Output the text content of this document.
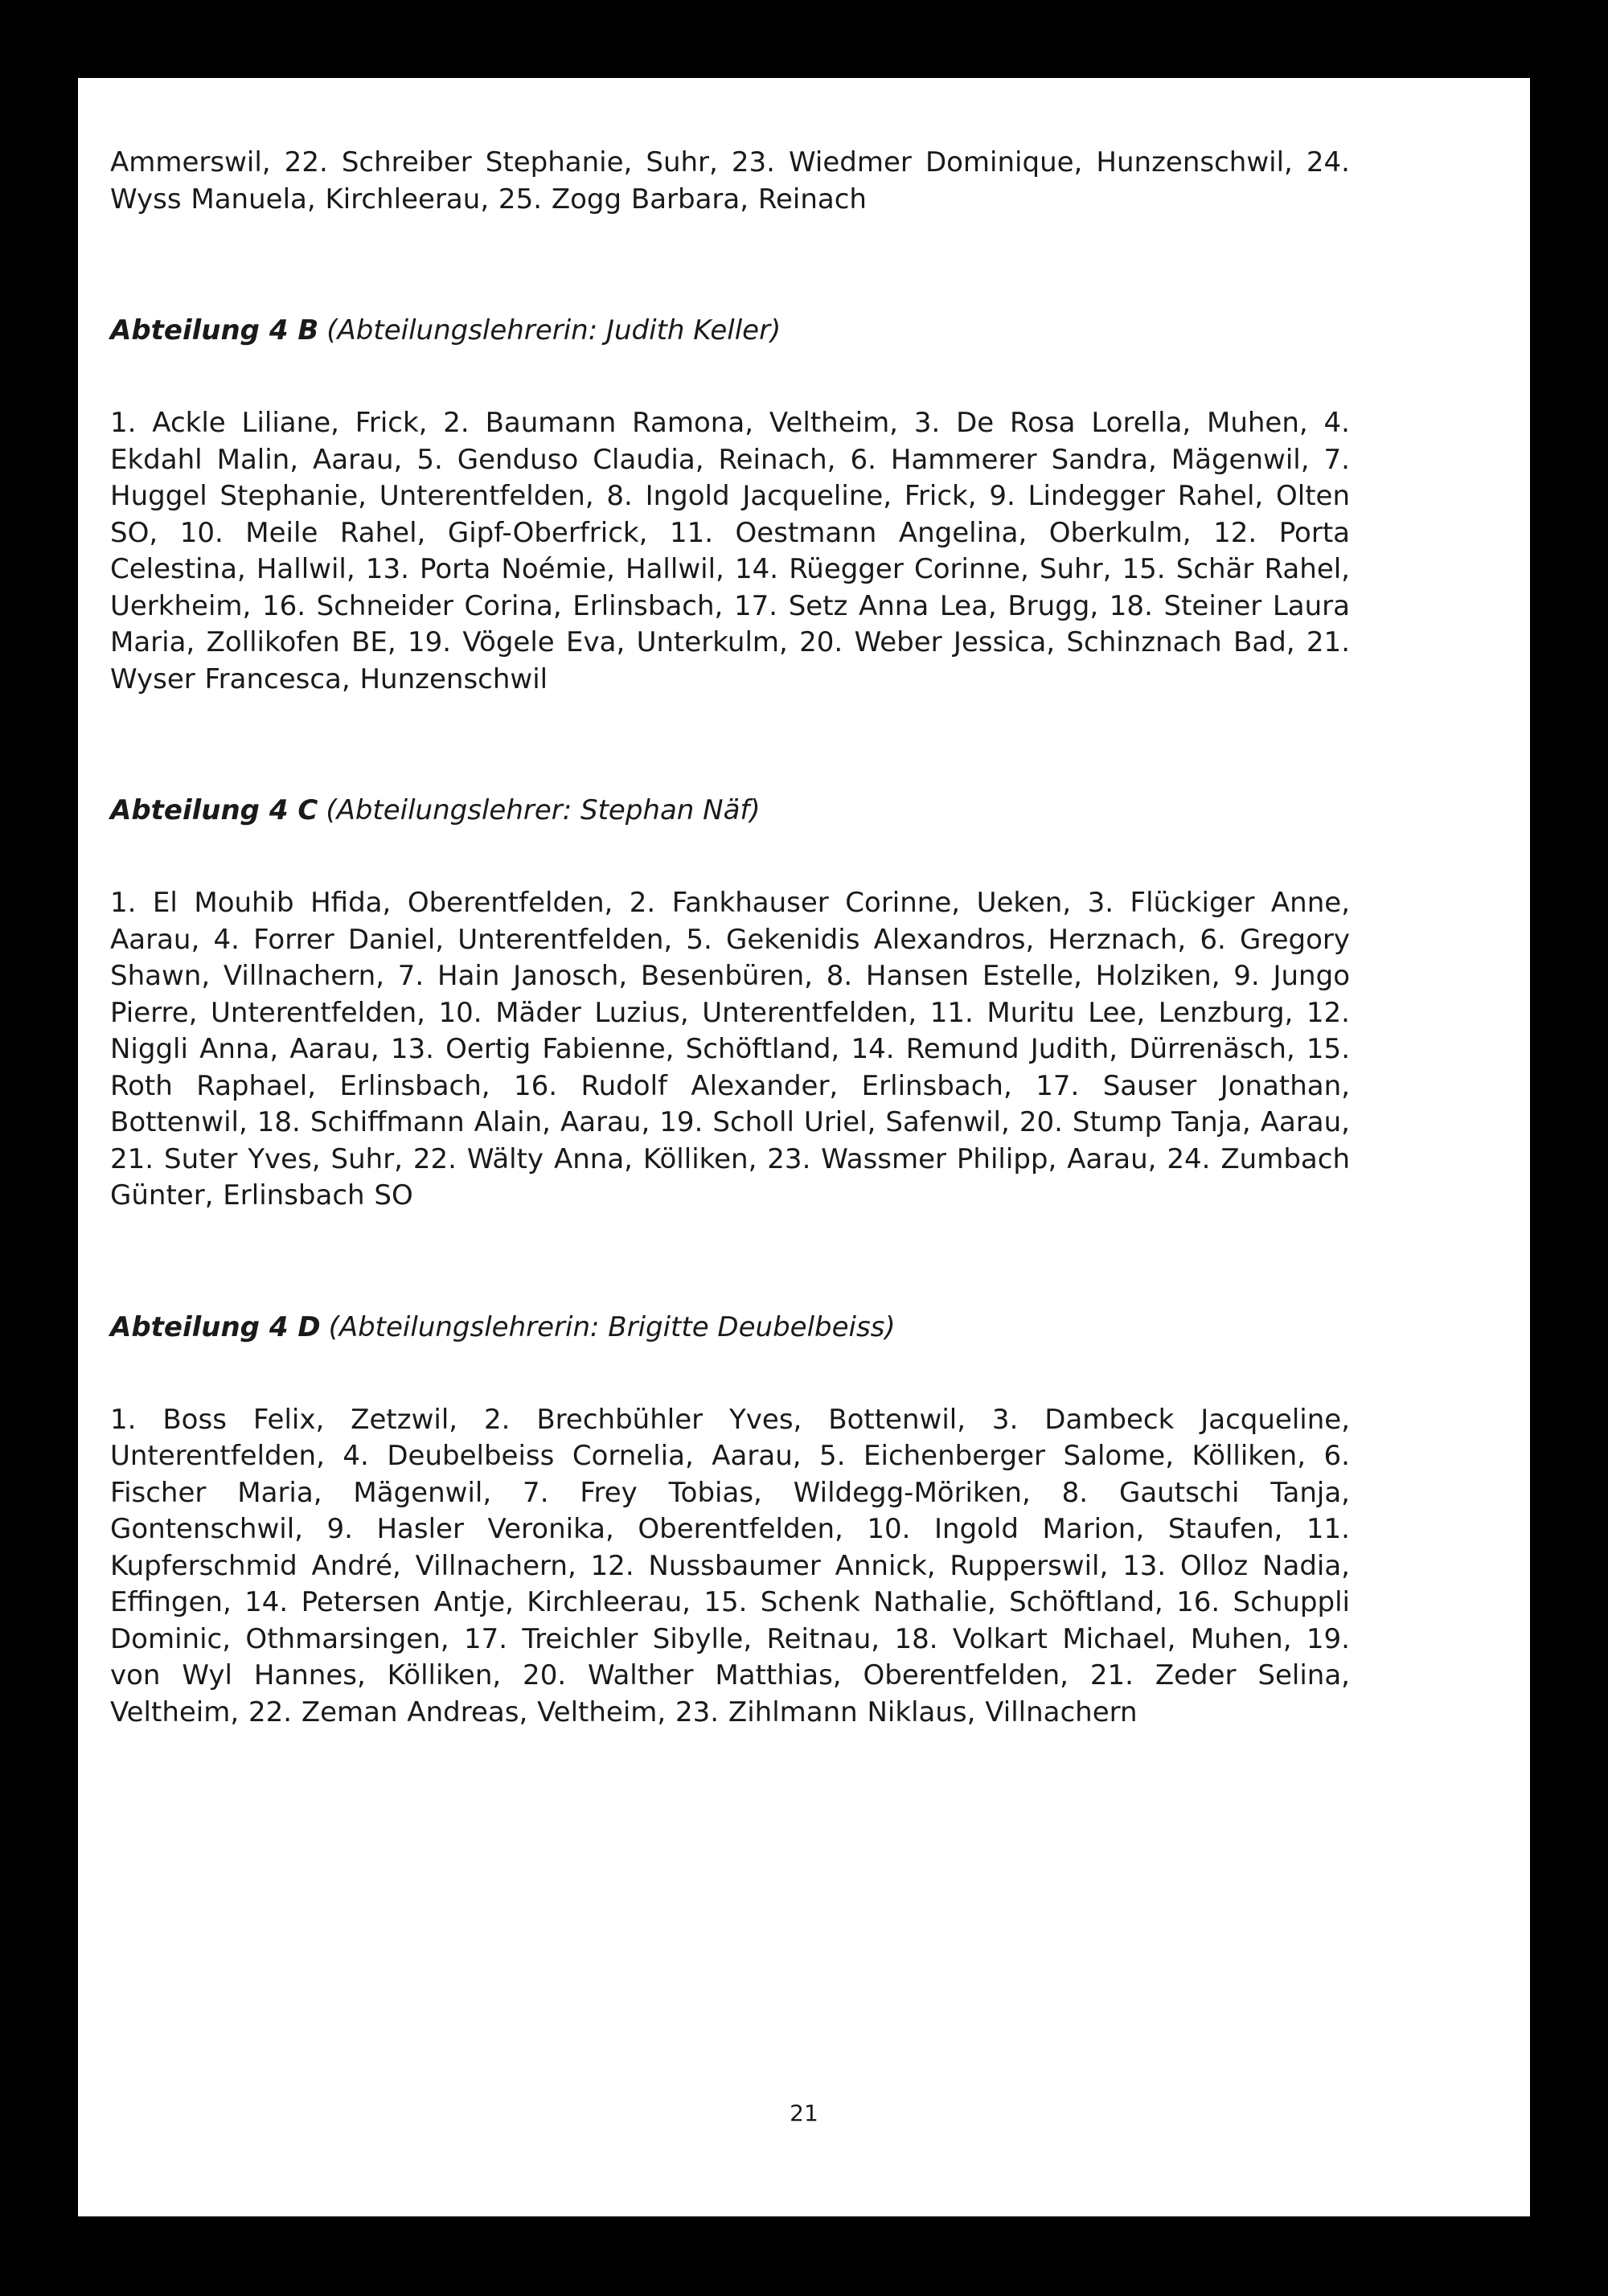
Ammerswil, 22. Schreiber Stephanie, Suhr, 23. Wiedmer Dominique, Hunzenschwil, 24. Wyss Manuela, Kirchleerau, 25. Zogg Barbara, Reinach

Abteilung 4 B (Abteilungslehrerin: Judith Keller)

1. Ackle Liliane, Frick, 2. Baumann Ramona, Veltheim, 3. De Rosa Lorella, Muhen, 4. Ekdahl Malin, Aarau, 5. Genduso Claudia, Reinach, 6. Hammerer Sandra, Mägenwil, 7. Huggel Stephanie, Unterentfelden, 8. Ingold Jacqueline, Frick, 9. Lindegger Rahel, Olten SO, 10. Meile Rahel, Gipf-Oberfrick, 11. Oestmann Angelina, Oberkulm, 12. Porta Celestina, Hallwil, 13. Porta Noémie, Hallwil, 14. Rüegger Corinne, Suhr, 15. Schär Rahel, Uerkheim, 16. Schneider Corina, Erlinsbach, 17. Setz Anna Lea, Brugg, 18. Steiner Laura Maria, Zollikofen BE, 19. Vögele Eva, Unterkulm, 20. Weber Jessica, Schinznach Bad, 21. Wyser Francesca, Hunzenschwil

Abteilung 4 C (Abteilungslehrer: Stephan Näf)

1. El Mouhib Hfida, Oberentfelden, 2. Fankhauser Corinne, Ueken, 3. Flückiger Anne, Aarau, 4. Forrer Daniel, Unterentfelden, 5. Gekenidis Alexandros, Herznach, 6. Gregory Shawn, Villnachern, 7. Hain Janosch, Besenbüren, 8. Hansen Estelle, Holziken, 9. Jungo Pierre, Unterentfelden, 10. Mäder Luzius, Unterentfelden, 11. Muritu Lee, Lenzburg, 12. Niggli Anna, Aarau, 13. Oertig Fabienne, Schöftland, 14. Remund Judith, Dürrenäsch, 15. Roth Raphael, Erlinsbach, 16. Rudolf Alexander, Erlinsbach, 17. Sauser Jonathan, Bottenwil, 18. Schiffmann Alain, Aarau, 19. Scholl Uriel, Safenwil, 20. Stump Tanja, Aarau, 21. Suter Yves, Suhr, 22. Wälty Anna, Kölliken, 23. Wassmer Philipp, Aarau, 24. Zumbach Günter, Erlinsbach SO

Abteilung 4 D (Abteilungslehrerin: Brigitte Deubelbeiss)

1. Boss Felix, Zetzwil, 2. Brechbühler Yves, Bottenwil, 3. Dambeck Jacqueline, Unterentfelden, 4. Deubelbeiss Cornelia, Aarau, 5. Eichenberger Salome, Kölliken, 6. Fischer Maria, Mägenwil, 7. Frey Tobias, Wildegg-Möriken, 8. Gautschi Tanja, Gontenschwil, 9. Hasler Veronika, Oberentfelden, 10. Ingold Marion, Staufen, 11. Kupferschmid André, Villnachern, 12. Nussbaumer Annick, Rupperswil, 13. Olloz Nadia, Effingen, 14. Petersen Antje, Kirchleerau, 15. Schenk Nathalie, Schöftland, 16. Schuppli Dominic, Othmarsingen, 17. Treichler Sibylle, Reitnau, 18. Volkart Michael, Muhen, 19. von Wyl Hannes, Kölliken, 20. Walther Matthias, Oberentfelden, 21. Zeder Selina, Veltheim, 22. Zeman Andreas, Veltheim, 23. Zihlmann Niklaus, Villnachern

21
